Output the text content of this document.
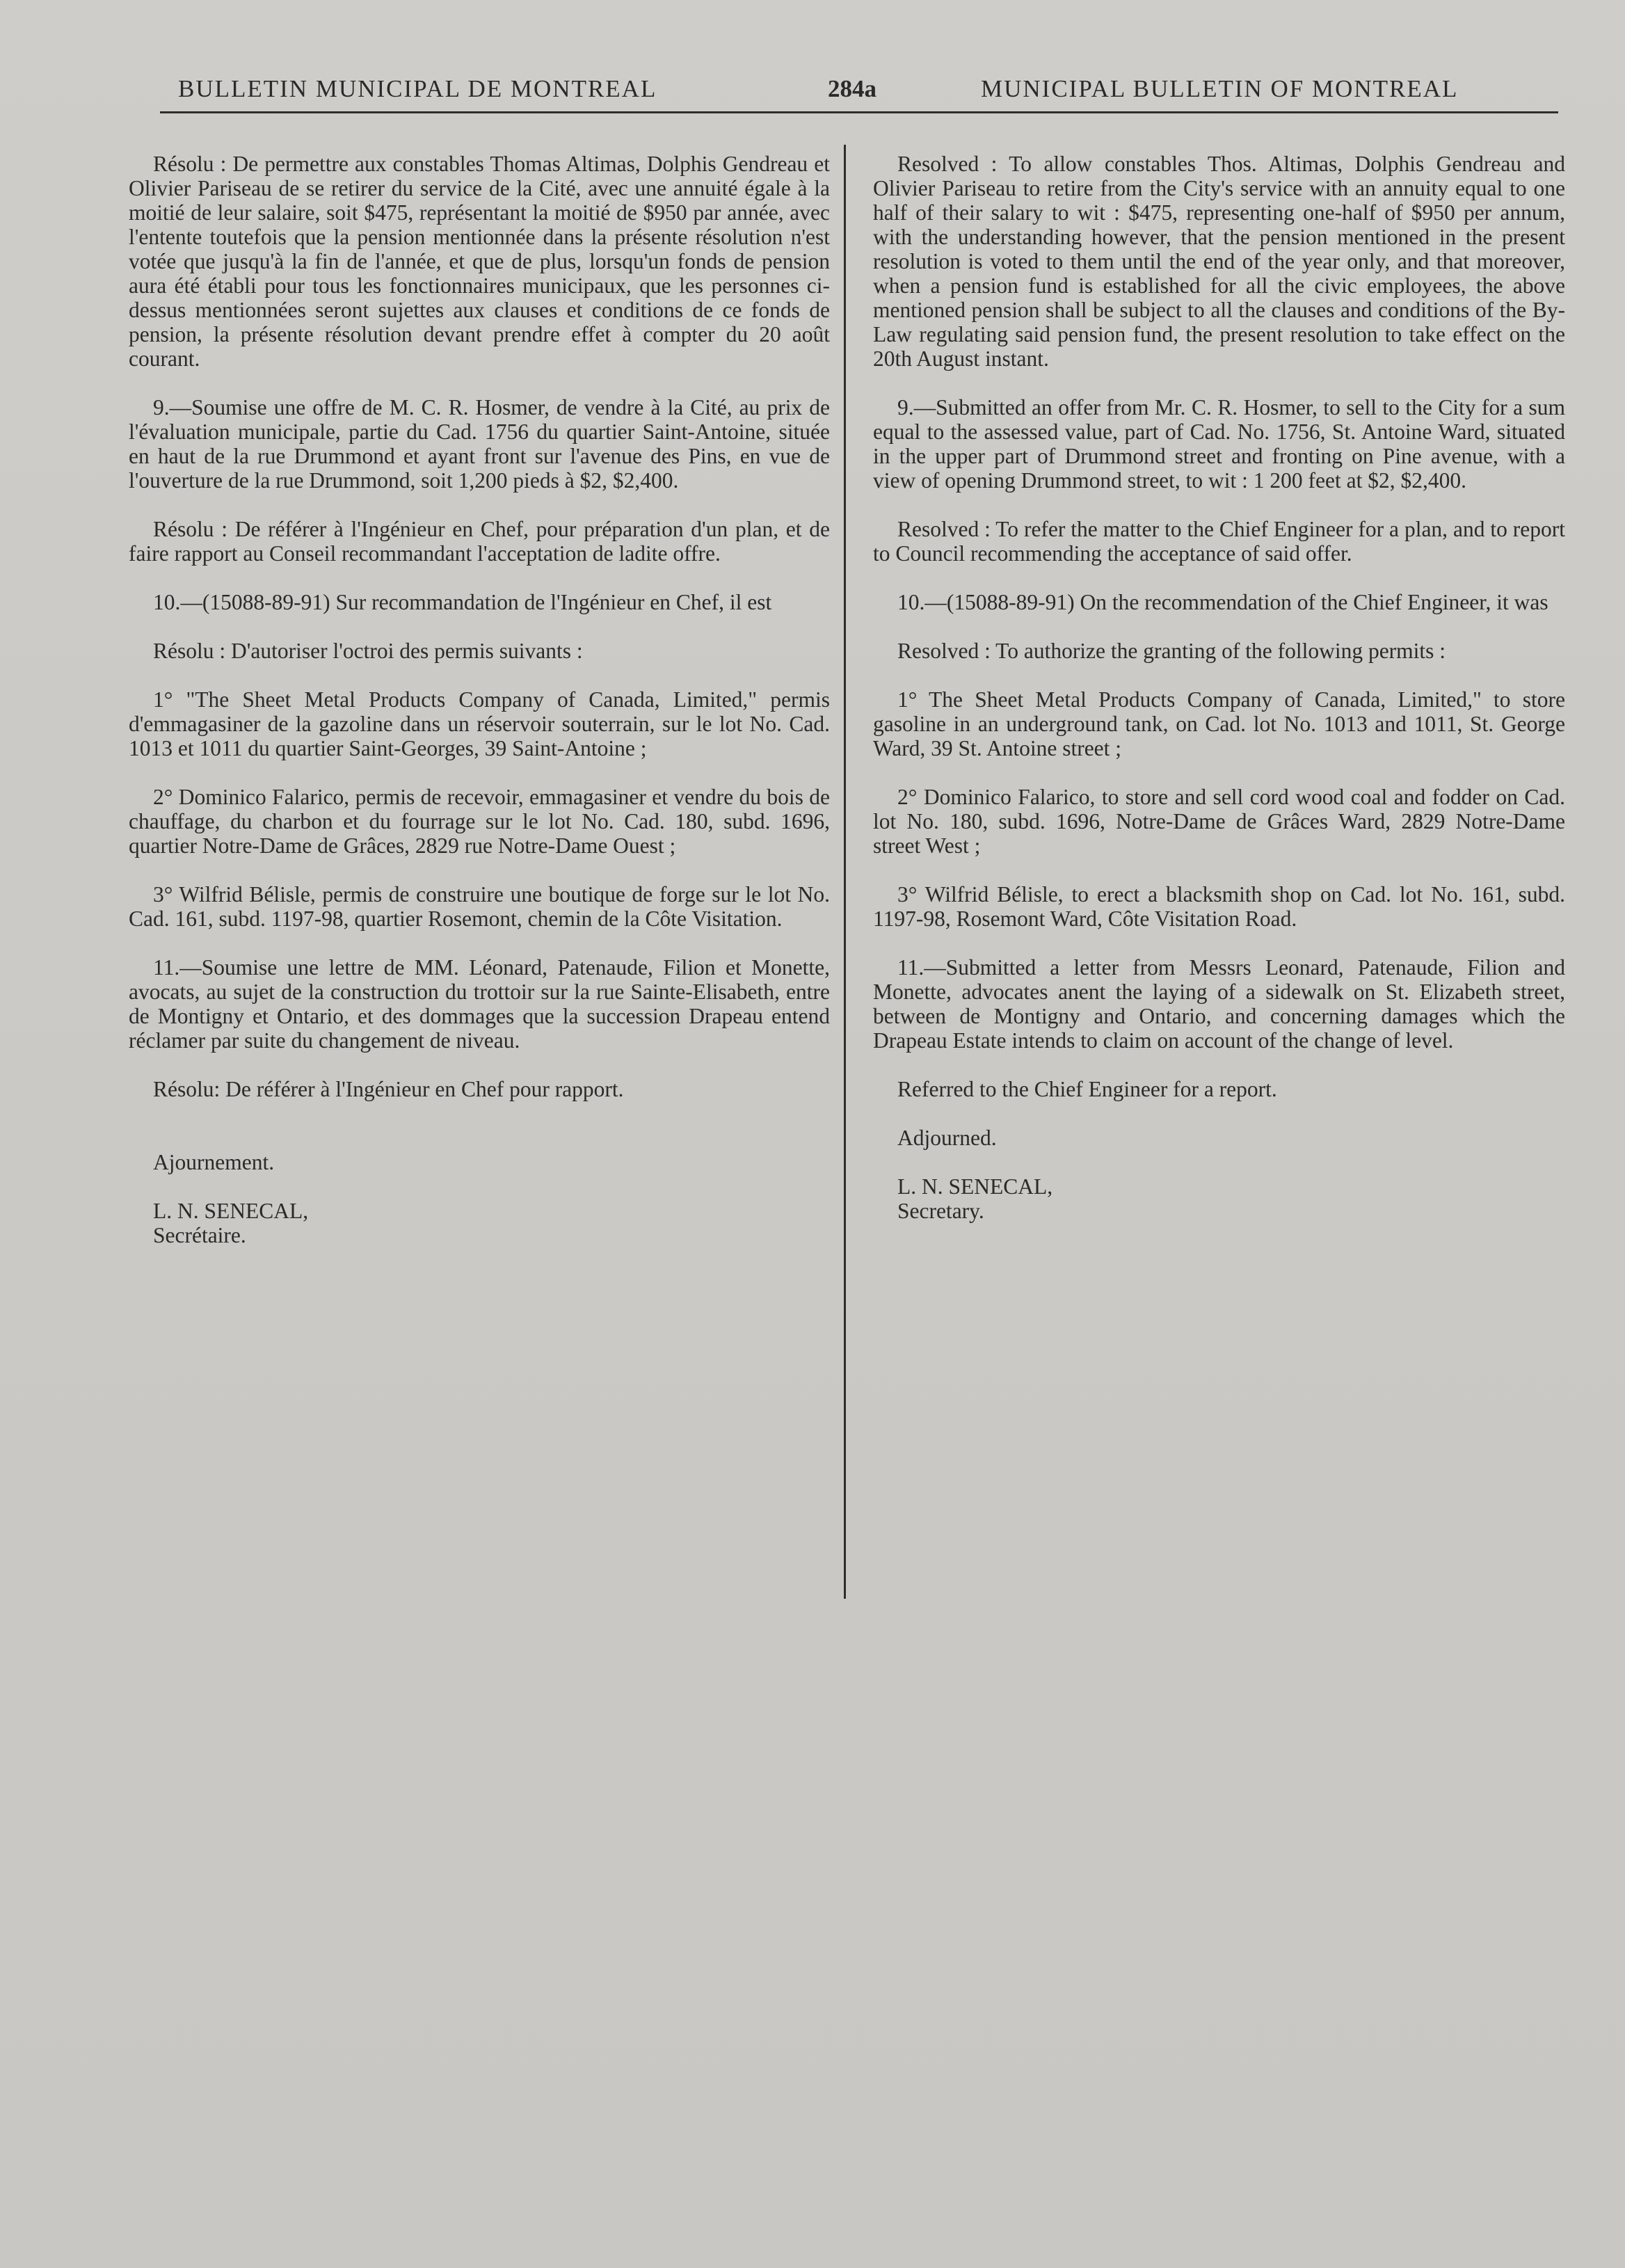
BULLETIN MUNICIPAL DE MONTREAL	284a	MUNICIPAL BULLETIN OF MONTREAL

Résolu : De permettre aux constables Thomas Altimas, Dolphis Gendreau et Olivier Pariseau de se retirer du service de la Cité, avec une annuité égale à la moitié de leur salaire, soit $475, représentant la moitié de $950 par année, avec l'entente toutefois que la pension mentionnée dans la présente résolution n'est votée que jusqu'à la fin de l'année, et que de plus, lorsqu'un fonds de pension aura été établi pour tous les fonctionnaires municipaux, que les personnes ci-dessus mentionnées seront sujettes aux clauses et conditions de ce fonds de pension, la présente résolution devant prendre effet à compter du 20 août courant.

9.—Soumise une offre de M. C. R. Hosmer, de vendre à la Cité, au prix de l'évaluation municipale, partie du Cad. 1756 du quartier Saint-Antoine, située en haut de la rue Drummond et ayant front sur l'avenue des Pins, en vue de l'ouverture de la rue Drummond, soit 1,200 pieds à $2, $2,400.

Résolu : De référer à l'Ingénieur en Chef, pour préparation d'un plan, et de faire rapport au Conseil recommandant l'acceptation de ladite offre.

10.—(15088-89-91) Sur recommandation de l'Ingénieur en Chef, il est

Résolu : D'autoriser l'octroi des permis suivants :

1° "The Sheet Metal Products Company of Canada, Limited," permis d'emmagasiner de la gazoline dans un réservoir souterrain, sur le lot No. Cad. 1013 et 1011 du quartier Saint-Georges, 39 Saint-Antoine ;

2° Dominico Falarico, permis de recevoir, emmagasiner et vendre du bois de chauffage, du charbon et du fourrage sur le lot No. Cad. 180, subd. 1696, quartier Notre-Dame de Grâces, 2829 rue Notre-Dame Ouest ;

3° Wilfrid Bélisle, permis de construire une boutique de forge sur le lot No. Cad. 161, subd. 1197-98, quartier Rosemont, chemin de la Côte Visitation.

11.—Soumise une lettre de MM. Léonard, Patenaude, Filion et Monette, avocats, au sujet de la construction du trottoir sur la rue Sainte-Elisabeth, entre de Montigny et Ontario, et des dommages que la succession Drapeau entend réclamer par suite du changement de niveau.

Résolu: De référer à l'Ingénieur en Chef pour rapport.

Ajournement.

L. N. SENECAL,
Secrétaire.

Resolved : To allow constables Thos. Altimas, Dolphis Gendreau and Olivier Pariseau to retire from the City's service with an annuity equal to one half of their salary to wit : $475, representing one-half of $950 per annum, with the understanding however, that the pension mentioned in the present resolution is voted to them until the end of the year only, and that moreover, when a pension fund is established for all the civic employees, the above mentioned pension shall be subject to all the clauses and conditions of the By-Law regulating said pension fund, the present resolution to take effect on the 20th August instant.

9.—Submitted an offer from Mr. C. R. Hosmer, to sell to the City for a sum equal to the assessed value, part of Cad. No. 1756, St. Antoine Ward, situated in the upper part of Drummond street and fronting on Pine avenue, with a view of opening Drummond street, to wit : 1 200 feet at $2, $2,400.

Resolved : To refer the matter to the Chief Engineer for a plan, and to report to Council recommending the acceptance of said offer.

10.—(15088-89-91) On the recommendation of the Chief Engineer, it was

Resolved : To authorize the granting of the following permits :

1° The Sheet Metal Products Company of Canada, Limited," to store gasoline in an underground tank, on Cad. lot No. 1013 and 1011, St. George Ward, 39 St. Antoine street ;

2° Dominico Falarico, to store and sell cord wood coal and fodder on Cad. lot No. 180, subd. 1696, Notre-Dame de Grâces Ward, 2829 Notre-Dame street West ;

3° Wilfrid Bélisle, to erect a blacksmith shop on Cad. lot No. 161, subd. 1197-98, Rosemont Ward, Côte Visitation Road.

11.—Submitted a letter from Messrs Leonard, Patenaude, Filion and Monette, advocates anent the laying of a sidewalk on St. Elizabeth street, between de Montigny and Ontario, and concerning damages which the Drapeau Estate intends to claim on account of the change of level.

Referred to the Chief Engineer for a report.

Adjourned.

L. N. SENECAL,
Secretary.
